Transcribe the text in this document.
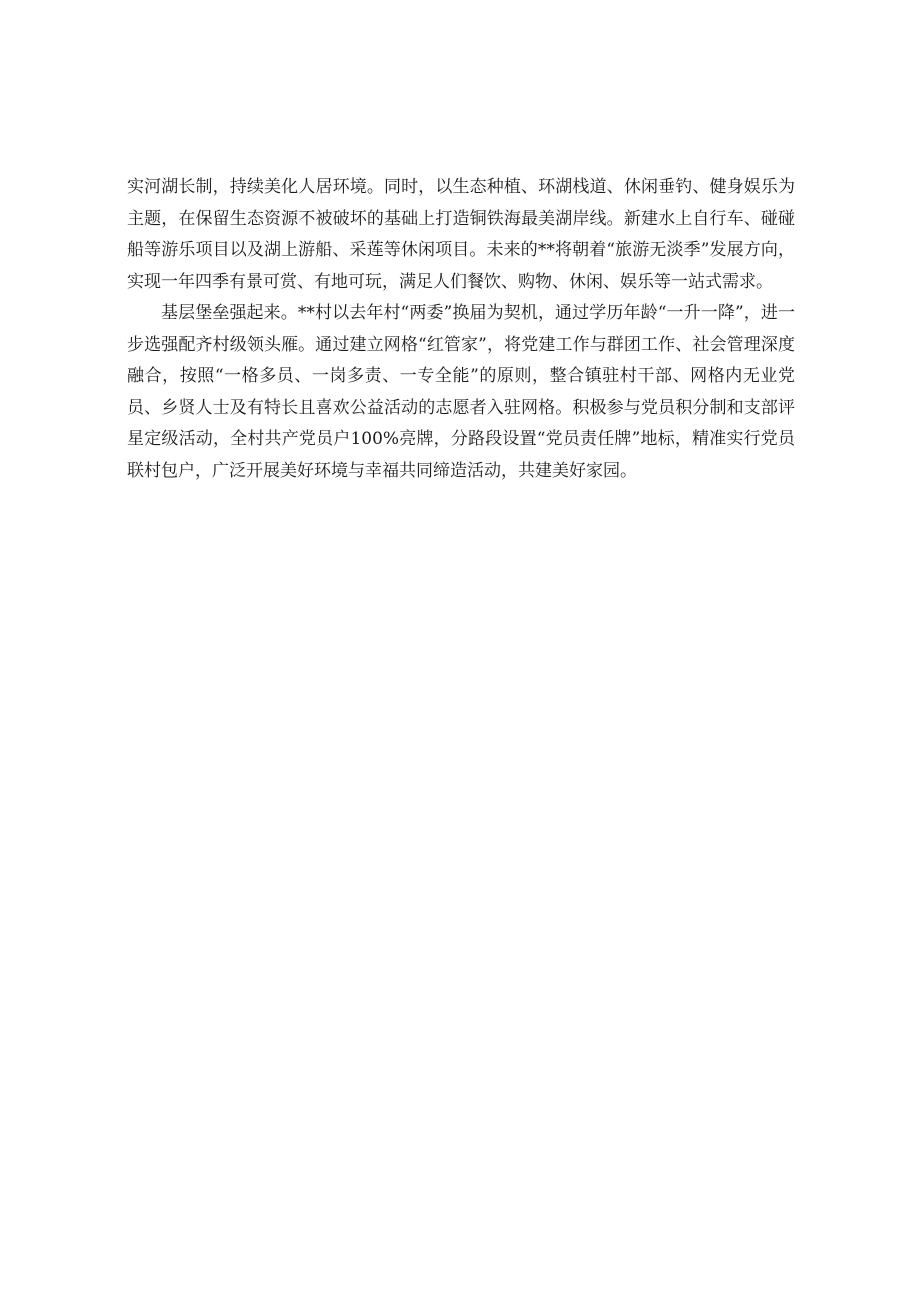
实河湖长制，持续美化人居环境。同时，以生态种植、环湖栈道、休闲垂钓、健身娱乐为主题，在保留生态资源不被破坏的基础上打造铜铁海最美湖岸线。新建水上自行车、碰碰船等游乐项目以及湖上游船、采莲等休闲项目。未来的**将朝着“旅游无淡季”发展方向，实现一年四季有景可赏、有地可玩，满足人们餐饮、购物、休闲、娱乐等一站式需求。

基层堡垒强起来。**村以去年村“两委”换届为契机，通过学历年龄“一升一降”，进一步选强配齐村级领头雁。通过建立网格“红管家”，将党建工作与群团工作、社会管理深度融合，按照“一格多员、一岗多责、一专全能”的原则，整合镇驻村干部、网格内无业党员、乡贤人士及有特长且喜欢公益活动的志愿者入驻网格。积极参与党员积分制和支部评星定级活动，全村共产党员户100%亮牌，分路段设置“党员责任牌”地标，精准实行党员联村包户，广泛开展美好环境与幸福共同缔造活动，共建美好家园。
